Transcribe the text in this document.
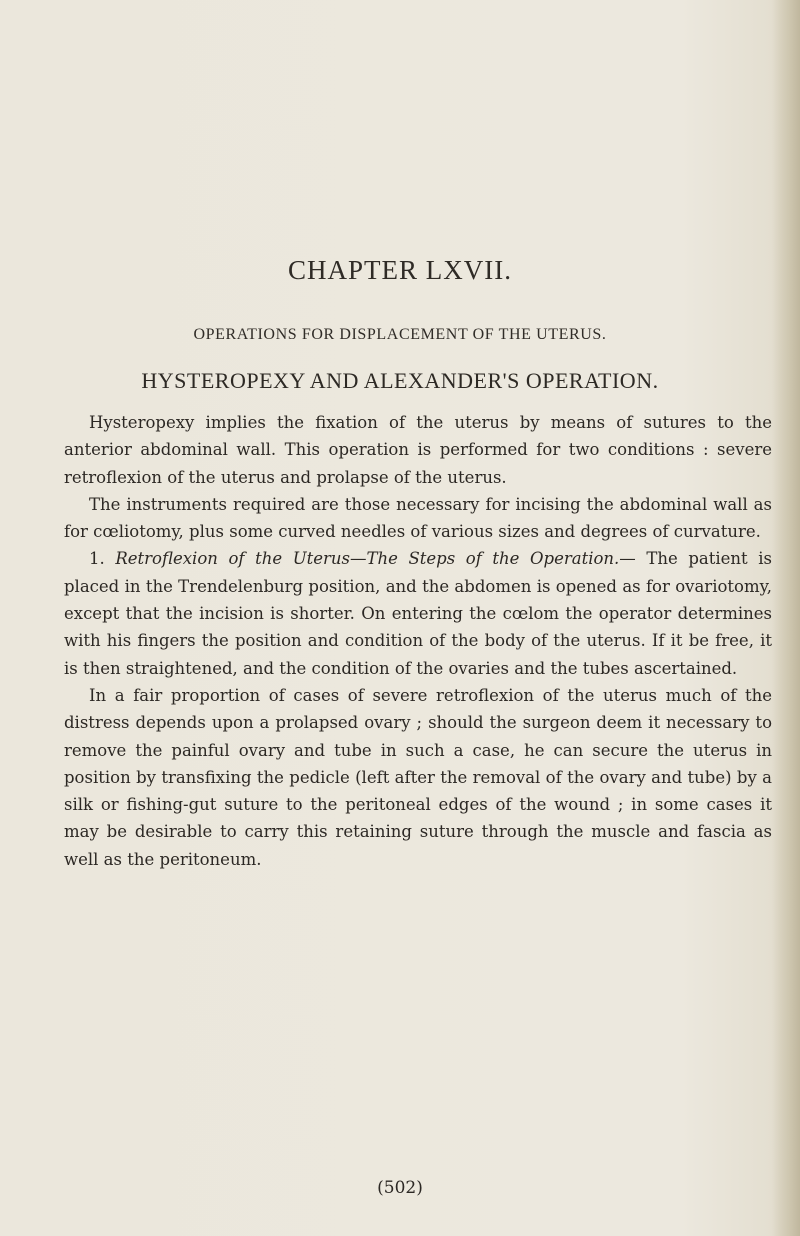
CHAPTER LXVII.
OPERATIONS FOR DISPLACEMENT OF THE UTERUS.
HYSTEROPEXY AND ALEXANDER'S OPERATION.

Hysteropexy implies the fixation of the uterus by means of sutures to the anterior abdominal wall. This operation is performed for two conditions : severe retroflexion of the uterus and prolapse of the uterus.

The instruments required are those necessary for incising the abdominal wall as for cœliotomy, plus some curved needles of various sizes and degrees of curvature.

1. Retroflexion of the Uterus—The Steps of the Operation.— The patient is placed in the Trendelenburg position, and the abdomen is opened as for ovariotomy, except that the incision is shorter. On entering the cœlom the operator determines with his fingers the position and condition of the body of the uterus. If it be free, it is then straightened, and the condition of the ovaries and the tubes ascertained.

In a fair proportion of cases of severe retroflexion of the uterus much of the distress depends upon a prolapsed ovary ; should the surgeon deem it necessary to remove the painful ovary and tube in such a case, he can secure the uterus in position by transfixing the pedicle (left after the removal of the ovary and tube) by a silk or fishing-gut suture to the peritoneal edges of the wound ; in some cases it may be desirable to carry this retaining suture through the muscle and fascia as well as the peritoneum.

(502)
